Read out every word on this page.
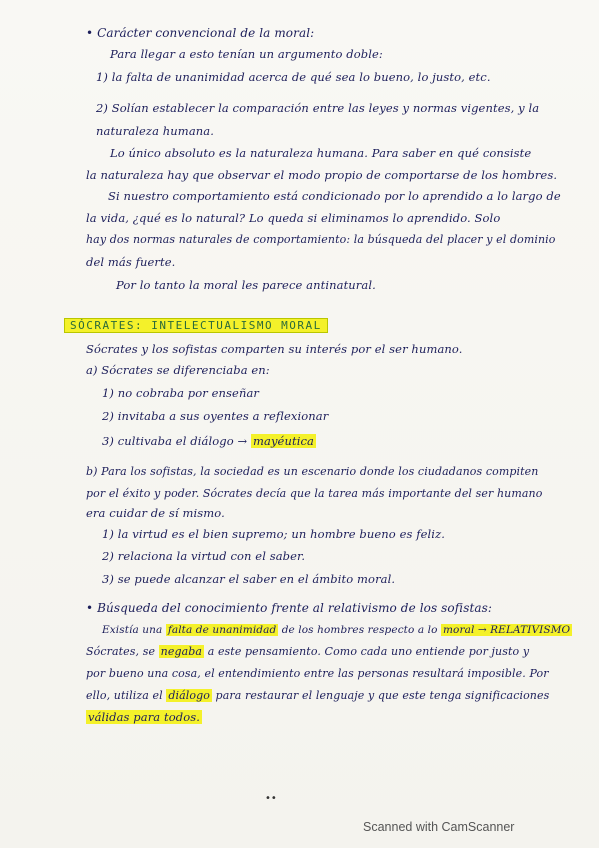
• Carácter convencional de la moral:
Para llegar a esto tenían un argumento doble:
1) la falta de unanimidad acerca de qué sea lo bueno, lo justo, etc.
2) Solían establecer la comparación entre las leyes y normas vigentes, y la
naturaleza humana.
Lo único absoluto es la naturaleza humana. Para saber en qué consiste
la naturaleza hay que observar el modo propio de comportarse de los hombres.
Si nuestro comportamiento está condicionado por lo aprendido a lo largo de
la vida, ¿qué es lo natural? Lo queda si eliminamos lo aprendido. Solo
hay dos normas naturales de comportamiento: la búsqueda del placer y el dominio
del más fuerte.
Por lo tanto la moral les parece antinatural.
SÓCRATES: INTELECTUALISMO MORAL
Sócrates y los sofistas comparten su interés por el ser humano.
a) Sócrates se diferenciaba en:
1) no cobraba por enseñar
2) invitaba a sus oyentes a reflexionar
3) cultivaba el diálogo → mayéutica
b) Para los sofistas, la sociedad es un escenario donde los ciudadanos compiten
por el éxito y poder. Sócrates decía que la tarea más importante del ser humano
era cuidar de sí mismo.
1) la virtud es el bien supremo; un hombre bueno es feliz.
2) relaciona la virtud con el saber.
3) se puede alcanzar el saber en el ámbito moral.
• Búsqueda del conocimiento frente al relativismo de los sofistas:
Existía una falta de unanimidad de los hombres respecto a lo moral → RELATIVISMO
Sócrates, se negaba a este pensamiento. Como cada uno entiende por justo y
por bueno una cosa, el entendimiento entre las personas resultará imposible. Por
ello, utiliza el diálogo para restaurar el lenguaje y que este tenga significaciones
válidas para todos.
••
Scanned with CamScanner
